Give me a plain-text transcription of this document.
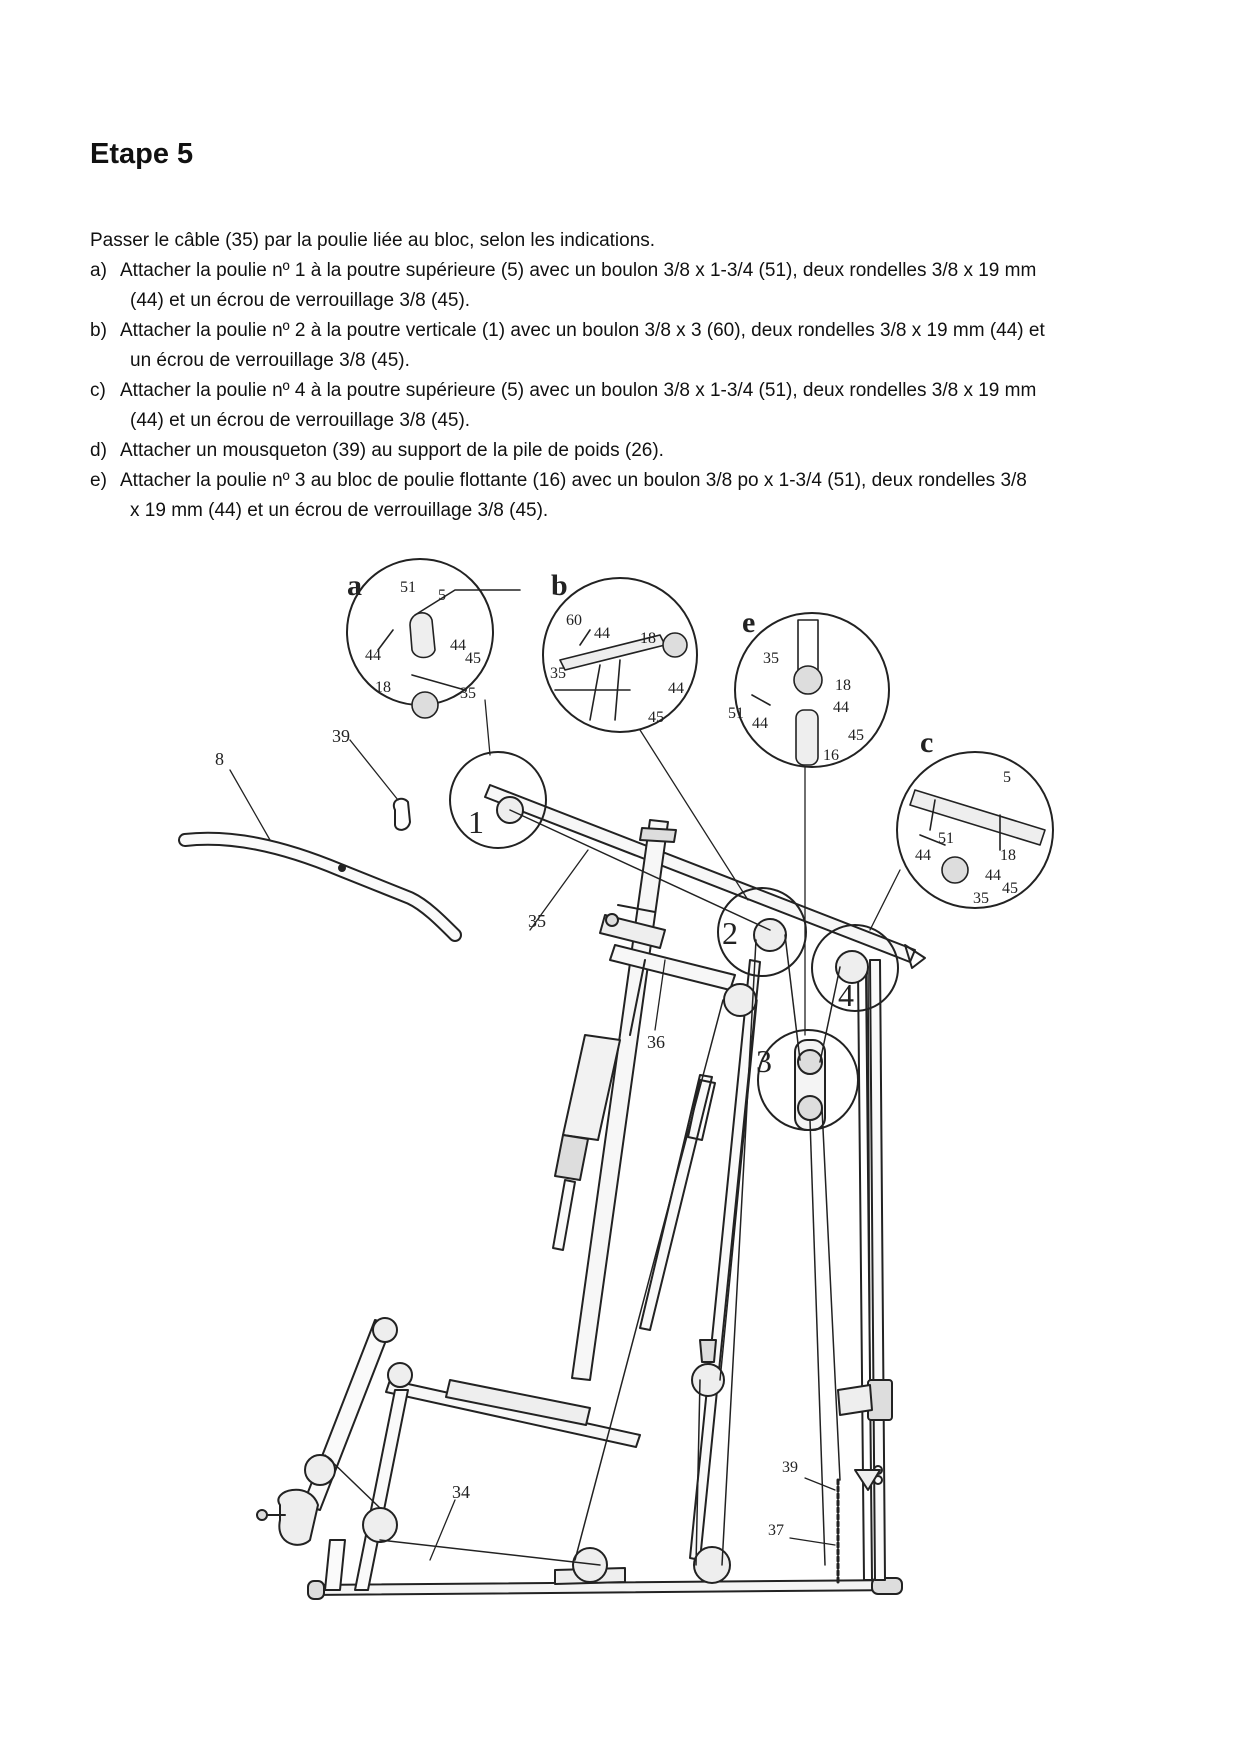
Etape 5

Passer le câble (35) par la poulie liée au bloc, selon les indications.

a) Attacher la poulie nº 1 à la poutre supérieure (5) avec un boulon 3/8 x 1-3/4 (51), deux rondelles 3/8 x 19 mm
(44) et un écrou de verrouillage 3/8 (45).
b) Attacher la poulie nº 2 à la poutre verticale (1) avec un boulon 3/8 x 3 (60), deux rondelles 3/8 x 19 mm (44) et
un écrou de verrouillage 3/8 (45).
c) Attacher la poulie nº 4 à la poutre supérieure (5) avec un boulon 3/8 x 1-3/4 (51), deux rondelles 3/8 x 19 mm
(44) et un écrou de verrouillage 3/8 (45).
d) Attacher un mousqueton (39) au support de la pile de poids (26).
e) Attacher la poulie nº 3 au bloc de poulie flottante (16) avec un boulon 3/8 po x 1-3/4 (51), deux rondelles 3/8
x 19 mm (44) et un écrou de verrouillage 3/8 (45).
a	b
e
c
51 5
44
44
45
18	35
60
44 18
35
44
45
35
18
51
44
44
45
16
5
51
44	18
44
35
45
1
2
3
4
8
39
35
36
34
39
37
